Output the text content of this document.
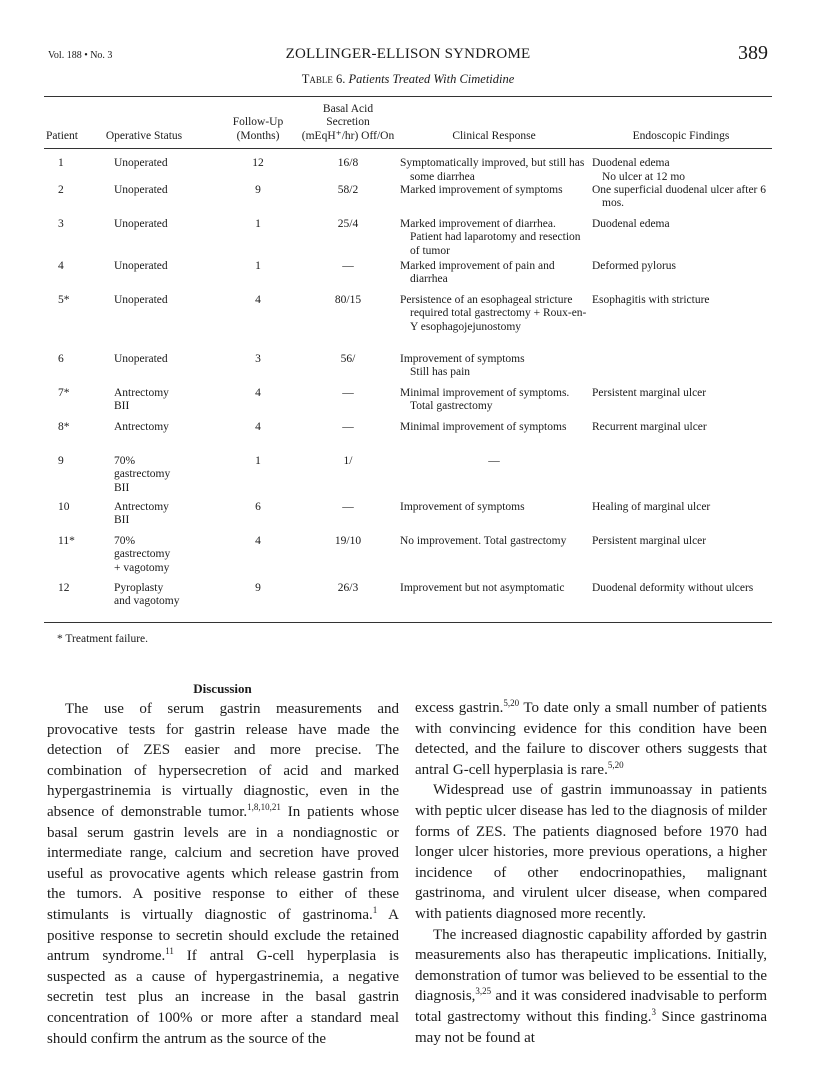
Vol. 188 • No. 3	ZOLLINGER-ELLISON SYNDROME	389
Table 6. Patients Treated With Cimetidine
Patient	Operative Status	Follow-Up (Months)	Basal Acid Secretion (mEqH⁺/hr) Off/On	Clinical Response	Endoscopic Findings
1	Unoperated	12	16/8	Symptomatically improved, but still has some diarrhea	Duodenal edema
No ulcer at 12 mo
2	Unoperated	9	58/2	Marked improvement of symptoms	One superficial duodenal ulcer after 6 mos.
3	Unoperated	1	25/4	Marked improvement of diarrhea. Patient had laparotomy and resection of tumor	Duodenal edema
4	Unoperated	1	—	Marked improvement of pain and diarrhea	Deformed pylorus
5*	Unoperated	4	80/15	Persistence of an esophageal stricture required total gastrectomy + Roux-en-Y esophagojejunostomy	Esophagitis with stricture
6	Unoperated	3	56/	Improvement of symptoms
Still has pain	
7*	Antrectomy
BII	4	—	Minimal improvement of symptoms. Total gastrectomy	Persistent marginal ulcer
8*	Antrectomy	4	—	Minimal improvement of symptoms	Recurrent marginal ulcer
9	70%
gastrectomy
BII	1	1/	—	
10	Antrectomy
BII	6	—	Improvement of symptoms	Healing of marginal ulcer
11*	70%
gastrectomy
+ vagotomy	4	19/10	No improvement. Total gastrectomy	Persistent marginal ulcer
12	Pyroplasty
and vagotomy	9	26/3	Improvement but not asymptomatic	Duodenal deformity without ulcers
* Treatment failure.
Discussion

The use of serum gastrin measurements and provocative tests for gastrin release have made the detection of ZES easier and more precise. The combination of hypersecretion of acid and marked hypergastrinemia is virtually diagnostic, even in the absence of demonstrable tumor.$^{1,8,10,21}$ In patients whose basal serum gastrin levels are in a nondiagnostic or intermediate range, calcium and secretion have proved useful as provocative agents which release gastrin from the tumors. A positive response to either of these stimulants is virtually diagnostic of gastrinoma.$^1$ A positive response to secretin should exclude the retained antrum syndrome.$^{11}$ If antral G-cell hyperplasia is suspected as a cause of hypergastrinemia, a negative secretin test plus an increase in the basal gastrin concentration of 100% or more after a standard meal should confirm the antrum as the source of the

excess gastrin.$^{5,20}$ To date only a small number of patients with convincing evidence for this condition have been detected, and the failure to discover others suggests that antral G-cell hyperplasia is rare.$^{5,20}$

Widespread use of gastrin immunoassay in patients with peptic ulcer disease has led to the diagnosis of milder forms of ZES. The patients diagnosed before 1970 had longer ulcer histories, more previous operations, a higher incidence of other endocrinopathies, malignant gastrinoma, and virulent ulcer disease, when compared with patients diagnosed more recently.

The increased diagnostic capability afforded by gastrin measurements also has therapeutic implications. Initially, demonstration of tumor was believed to be essential to the diagnosis,$^{3,25}$ and it was considered inadvisable to perform total gastrectomy without this finding.$^3$ Since gastrinoma may not be found at
